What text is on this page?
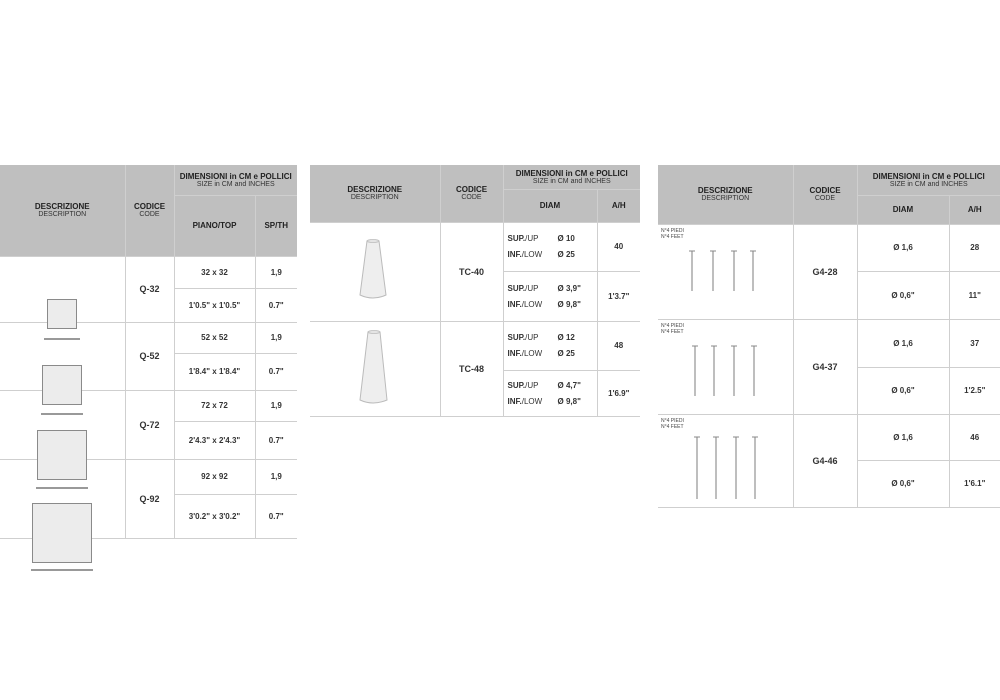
DESCRIZIONE
DESCRIPTION	CODICE
CODE	DIMENSIONI in CM e POLLICI
SIZE in CM and INCHES	

		PIANO/TOP	SP/TH

	Q-32	32 x 32	1,9
		1'0.5" x 1'0.5"	0.7"

	Q-52	52 x 52	1,9
		1'8.4" x 1'8.4"	0.7"

	Q-72	72 x 72	1,9
		2'4.3" x 2'4.3"	0.7"

	Q-92	92 x 92	1,9
		3'0.2" x 3'0.2"	0.7"
DESCRIZIONE
DESCRIPTION	CODICE
CODE	DIMENSIONI in CM e POLLICI
SIZE in CM and INCHES	

		DIAM	A/H
	TC-40	SUP./UP Ø 10
INF./LOW Ø 25	40

		SUP./UP Ø 3,9"
INF./LOW Ø 9,8"	1'3.7"
	TC-48	SUP./UP Ø 12
INF./LOW Ø 25	48

		SUP./UP Ø 4,7"
INF./LOW Ø 9,8"	1'6.9"
DESCRIZIONE
DESCRIPTION	CODICE
CODE	DIMENSIONI in CM e POLLICI
SIZE in CM and INCHES	

		DIAM	A/H

N°4 PIEDI
N°4 FEET	G4-28	Ø 1,6	28
		Ø 0,6"	11"

N°4 PIEDI
N°4 FEET	G4-37	Ø 1,6	37
		Ø 0,6"	1'2.5"

N°4 PIEDI
N°4 FEET	G4-46	Ø 1,6	46
		Ø 0,6"	1'6.1"
